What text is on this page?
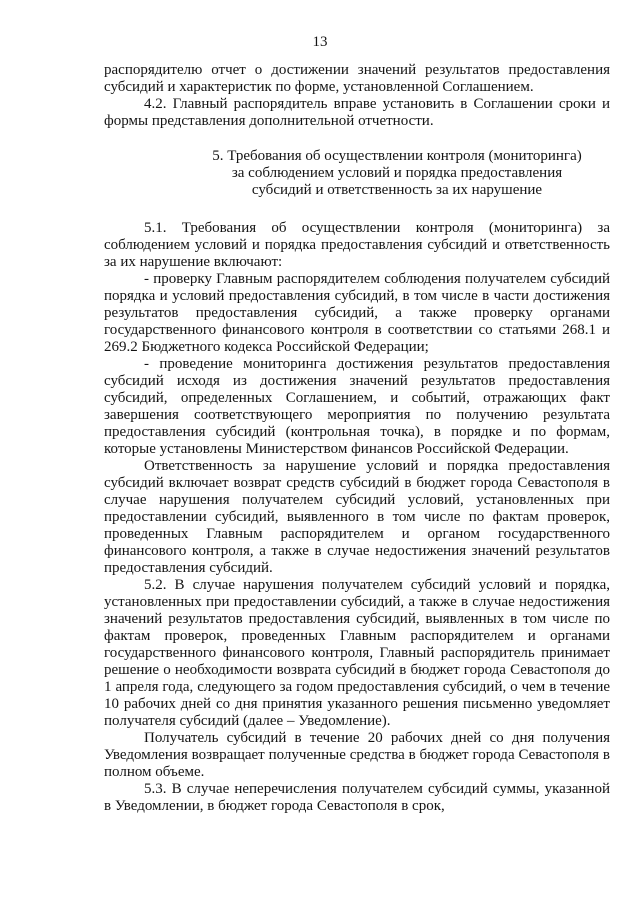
13

распорядителю отчет о достижении значений результатов предоставления субсидий и характеристик по форме, установленной Соглашением.

4.2. Главный распорядитель вправе установить в Соглашении сроки и формы представления дополнительной отчетности.

5. Требования об осуществлении контроля (мониторинга)
за соблюдением условий и порядка предоставления
субсидий и ответственность за их нарушение

5.1. Требования об осуществлении контроля (мониторинга) за соблюдением условий и порядка предоставления субсидий и ответственность за их нарушение включают:

- проверку Главным распорядителем соблюдения получателем субсидий порядка и условий предоставления субсидий, в том числе в части достижения результатов предоставления субсидий, а также проверку органами государственного финансового контроля в соответствии со статьями 268.1 и 269.2 Бюджетного кодекса Российской Федерации;

- проведение мониторинга достижения результатов предоставления субсидий исходя из достижения значений результатов предоставления субсидий, определенных Соглашением, и событий, отражающих факт завершения соответствующего мероприятия по получению результата предоставления субсидий (контрольная точка), в порядке и по формам, которые установлены Министерством финансов Российской Федерации.

Ответственность за нарушение условий и порядка предоставления субсидий включает возврат средств субсидий в бюджет города Севастополя в случае нарушения получателем субсидий условий, установленных при предоставлении субсидий, выявленного в том числе по фактам проверок, проведенных Главным распорядителем и органом государственного финансового контроля, а также в случае недостижения значений результатов предоставления субсидий.

5.2. В случае нарушения получателем субсидий условий и порядка, установленных при предоставлении субсидий, а также в случае недостижения значений результатов предоставления субсидий, выявленных в том числе по фактам проверок, проведенных Главным распорядителем и органами государственного финансового контроля, Главный распорядитель принимает решение о необходимости возврата субсидий в бюджет города Севастополя до 1 апреля года, следующего за годом предоставления субсидий, о чем в течение 10 рабочих дней со дня принятия указанного решения письменно уведомляет получателя субсидий (далее – Уведомление).

Получатель субсидий в течение 20 рабочих дней со дня получения Уведомления возвращает полученные средства в бюджет города Севастополя в полном объеме.

5.3. В случае неперечисления получателем субсидий суммы, указанной в Уведомлении, в бюджет города Севастополя в срок,
